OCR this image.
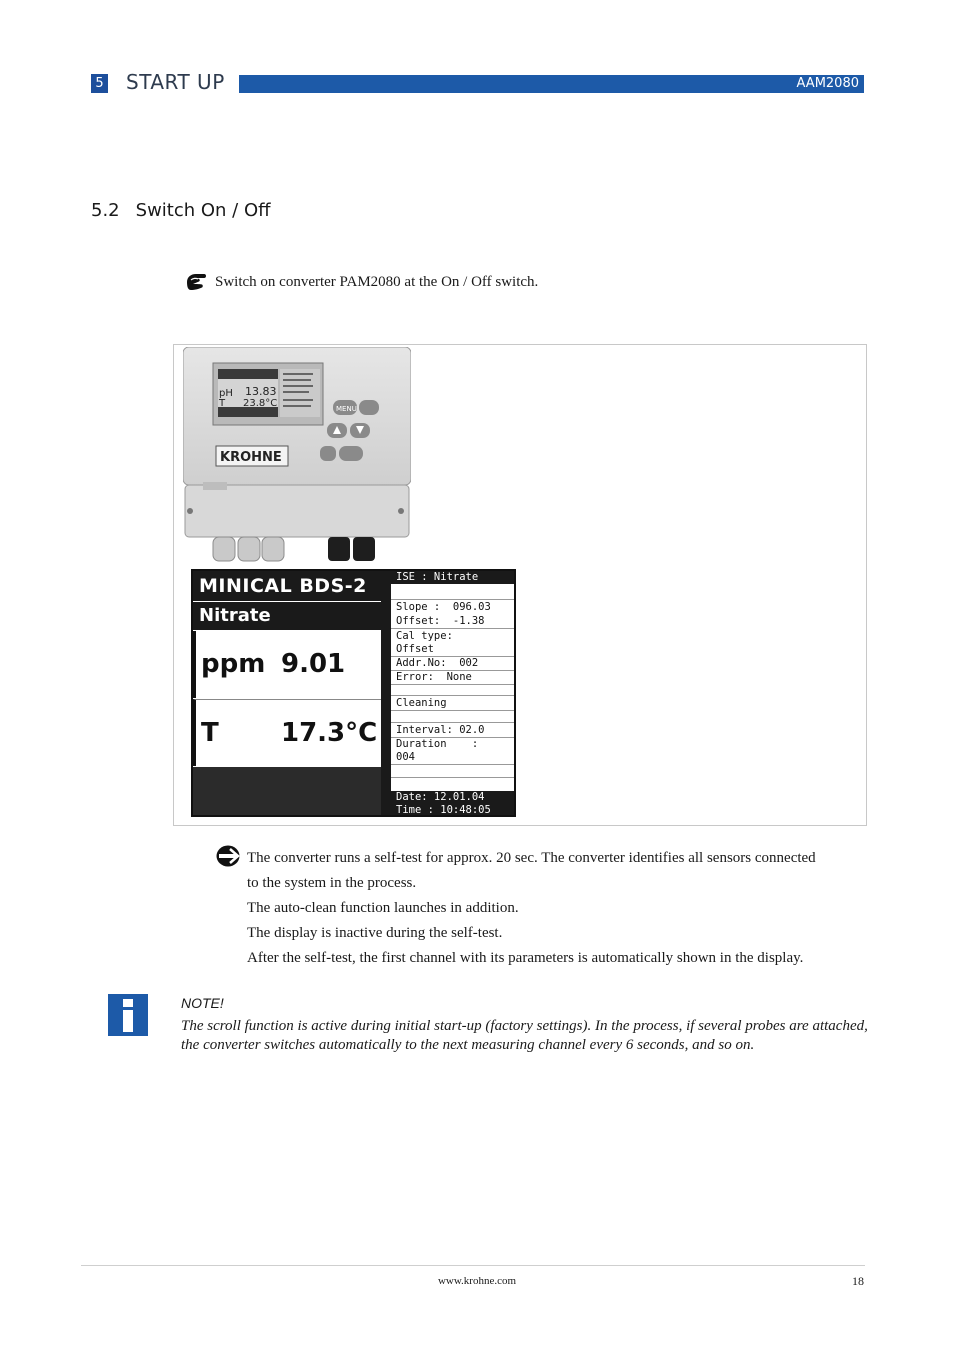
5 START UP	AAM2080
5.2 Switch On / Off
Switch on converter PAM2080 at the On / Off switch.
pH 13.83
T 23.8°C	MENU
KROHNE
MINICAL BDS-2
Nitrate
ppm 9.01
T 17.3°C
ISE : Nitrate
Slope :  096.03
Offset:  -1.38
Cal type:
Offset
Addr.No:  002
Error:  None
Cleaning
Interval: 02.0
Duration    :
004
Date: 12.01.04
Time : 10:48:05
The converter runs a self-test for approx. 20 sec. The converter identifies all sensors connected
to the system in the process.
The auto-clean function launches in addition.
The display is inactive during the self-test.
After the self-test, the first channel with its parameters is automatically shown in the display.
NOTE!
The scroll function is active during initial start-up (factory settings). In the process, if several probes are attached, the converter switches automatically to the next measuring channel every 6 seconds, and so on.
www.krohne.com	18
